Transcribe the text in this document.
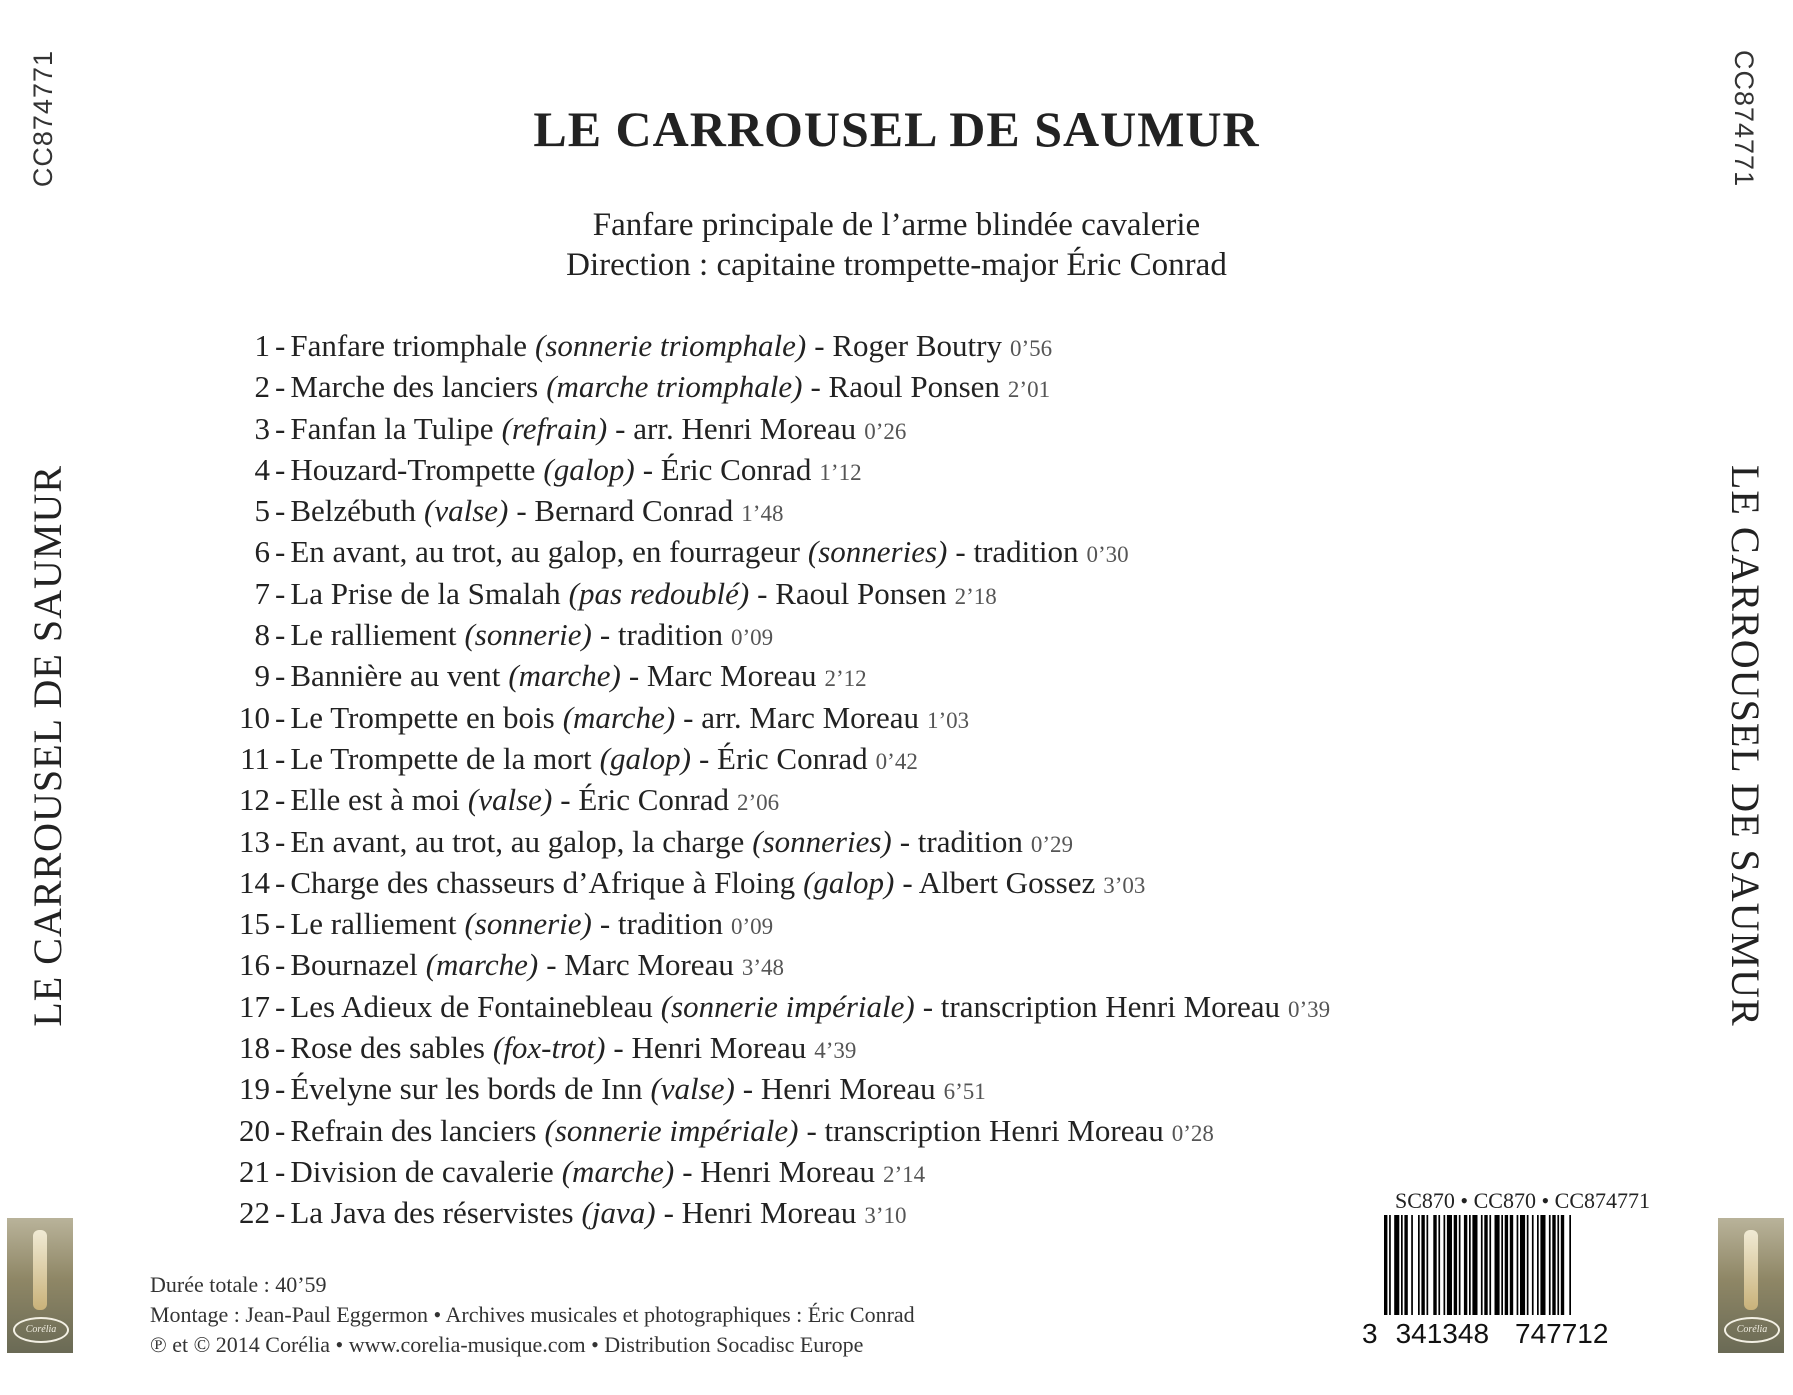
CC874771	CC874771
LE CARROUSEL DE SAUMUR	LE CARROUSEL DE SAUMUR
LE CARROUSEL DE SAUMUR
Fanfare principale de l’arme blindée cavalerie
Direction : capitaine trompette-major Éric Conrad
1 - Fanfare triomphale (sonnerie triomphale) - Roger Boutry 0’56
2 - Marche des lanciers (marche triomphale) - Raoul Ponsen 2’01
3 - Fanfan la Tulipe (refrain) - arr. Henri Moreau 0’26
4 - Houzard-Trompette (galop) - Éric Conrad 1’12
5 - Belzébuth (valse) - Bernard Conrad 1’48
6 - En avant, au trot, au galop, en fourrageur (sonneries) - tradition 0’30
7 - La Prise de la Smalah (pas redoublé) - Raoul Ponsen 2’18
8 - Le ralliement (sonnerie) - tradition 0’09
9 - Bannière au vent (marche) - Marc Moreau 2’12
10 - Le Trompette en bois (marche) - arr. Marc Moreau 1’03
11 - Le Trompette de la mort (galop) - Éric Conrad 0’42
12 - Elle est à moi (valse) - Éric Conrad 2’06
13 - En avant, au trot, au galop, la charge (sonneries) - tradition 0’29
14 - Charge des chasseurs d’Afrique à Floing (galop) - Albert Gossez 3’03
15 - Le ralliement (sonnerie) - tradition 0’09
16 - Bournazel (marche) - Marc Moreau 3’48
17 - Les Adieux de Fontainebleau (sonnerie impériale) - transcription Henri Moreau 0’39
18 - Rose des sables (fox-trot) - Henri Moreau 4’39
19 - Évelyne sur les bords de Inn (valse) - Henri Moreau 6’51
20 - Refrain des lanciers (sonnerie impériale) - transcription Henri Moreau 0’28
21 - Division de cavalerie (marche) - Henri Moreau 2’14
22 - La Java des réservistes (java) - Henri Moreau 3’10
Durée totale : 40’59
Montage : Jean-Paul Eggermon • Archives musicales et photographiques : Éric Conrad
℗ et © 2014 Corélia • www.corelia-musique.com • Distribution Socadisc Europe
SC870 • CC870 • CC874771
3 341348 747712
Corélia	Corélia
